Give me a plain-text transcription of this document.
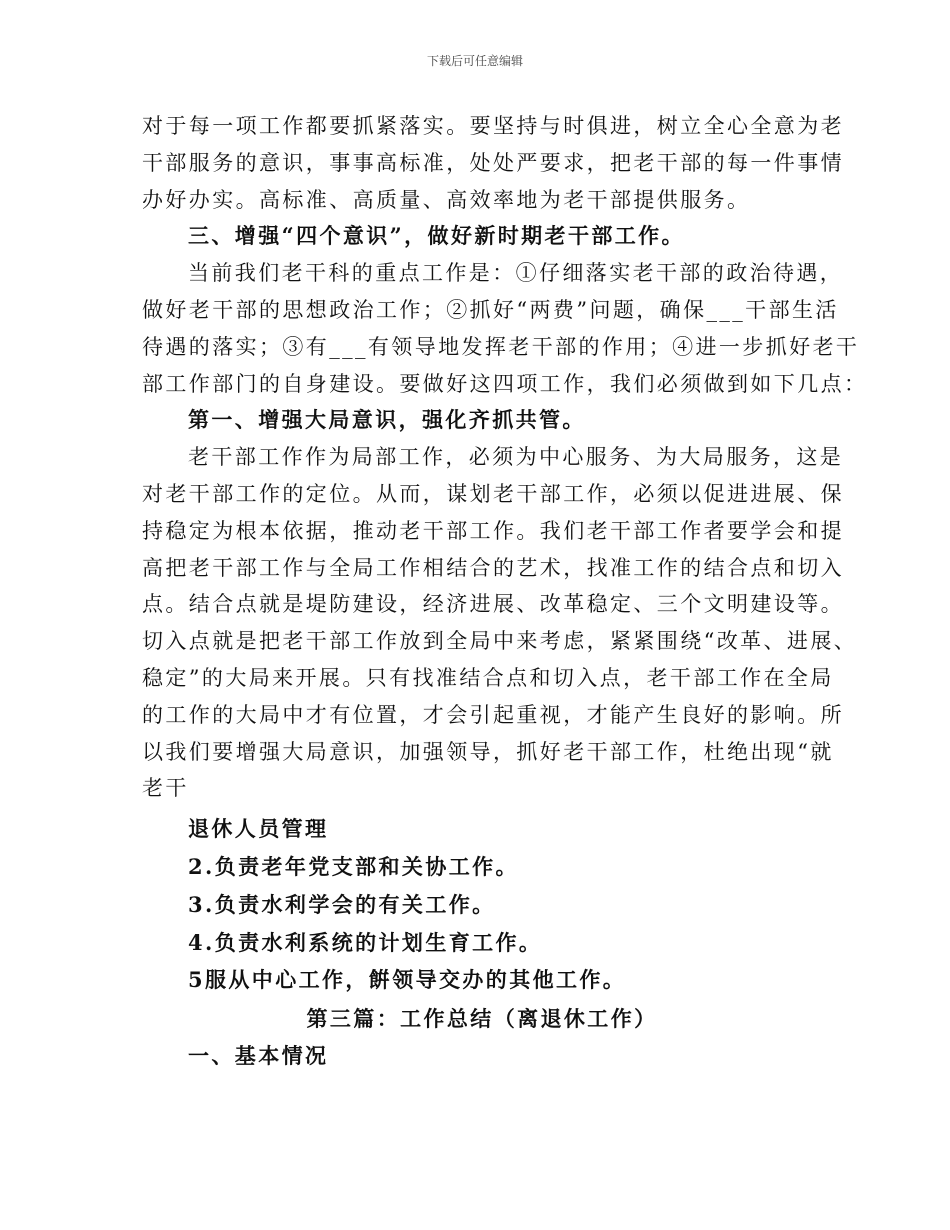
下载后可任意编辑
对于每一项工作都要抓紧落实。要坚持与时俱进，树立全心全意为老
干部服务的意识，事事高标准，处处严要求，把老干部的每一件事情
办好办实。高标准、高质量、高效率地为老干部提供服务。
三、增强“四个意识”，做好新时期老干部工作。
当前我们老干科的重点工作是：①仔细落实老干部的政治待遇，
做好老干部的思想政治工作；②抓好“两费”问题，确保___干部生活
待遇的落实；③有___有领导地发挥老干部的作用；④进一步抓好老干
部工作部门的自身建设。要做好这四项工作，我们必须做到如下几点：
第一、增强大局意识，强化齐抓共管。
老干部工作作为局部工作，必须为中心服务、为大局服务，这是
对老干部工作的定位。从而，谋划老干部工作，必须以促进进展、保
持稳定为根本依据，推动老干部工作。我们老干部工作者要学会和提
高把老干部工作与全局工作相结合的艺术，找准工作的结合点和切入
点。结合点就是堤防建设，经济进展、改革稳定、三个文明建设等。
切入点就是把老干部工作放到全局中来考虑，紧紧围绕“改革、进展、
稳定”的大局来开展。只有找准结合点和切入点，老干部工作在全局
的工作的大局中才有位置，才会引起重视，才能产生良好的影响。所
以我们要增强大局意识，加强领导，抓好老干部工作，杜绝出现“就
老干
退休人员管理
2.负责老年党支部和关协工作。
3.负责水利学会的有关工作。
4.负责水利系统的计划生育工作。
5服从中心工作，餠领导交办的其他工作。
第三篇：工作总结（离退休工作）
一、基本情况
